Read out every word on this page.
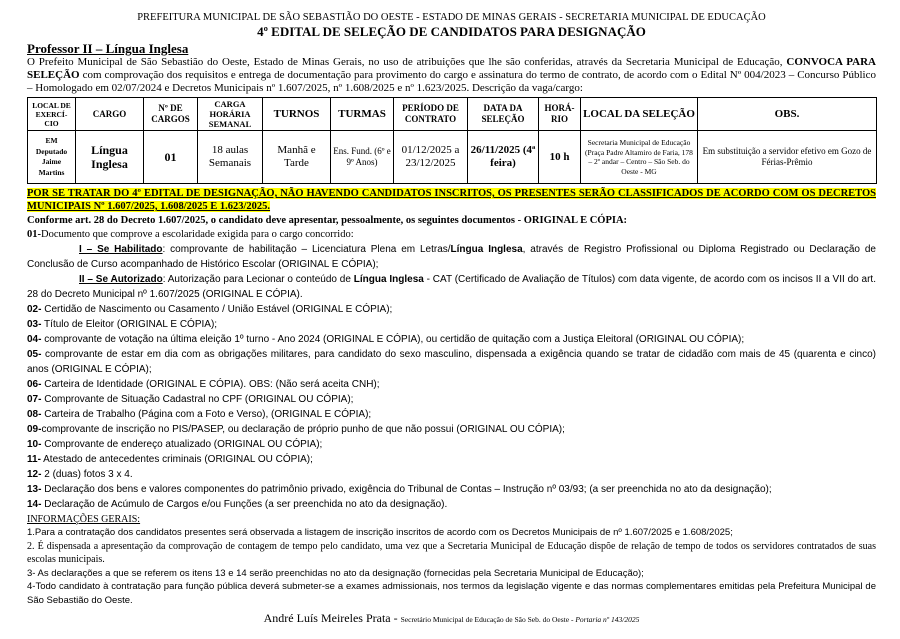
PREFEITURA MUNICIPAL DE SÃO SEBASTIÃO DO OESTE - ESTADO DE MINAS GERAIS - SECRETARIA MUNICIPAL DE EDUCAÇÃO
4º EDITAL DE SELEÇÃO DE CANDIDATOS PARA DESIGNAÇÃO
Professor II – Língua Inglesa
O Prefeito Municipal de São Sebastião do Oeste, Estado de Minas Gerais, no uso de atribuições que lhe são conferidas, através da Secretaria Municipal de Educação, CONVOCA PARA SELEÇÃO com comprovação dos requisitos e entrega de documentação para provimento do cargo e assinatura do termo de contrato, de acordo com o Edital Nº 004/2023 – Concurso Público – Homologado em 02/07/2024 e Decretos Municipais nº 1.607/2025, nº 1.608/2025 e nº 1.623/2025. Descrição da vaga/cargo:
LOCAL DE EXERCÍ-CIO	CARGO	Nº DE CARGOS	CARGA HORÁRIA SEMANAL	TURNOS	TURMAS	PERÍODO DE CONTRATO	DATA DA SELEÇÃO	HORÁ-RIO	LOCAL DA SELEÇÃO	OBS.
EM Deputado Jaime Martins	Língua Inglesa	01	18 aulas Semanais	Manhã e Tarde	Ens. Fund. (6º e 9º Anos)	01/12/2025 a 23/12/2025	26/11/2025 (4ª feira)	10 h	Secretaria Municipal de Educação (Praça Padre Altamiro de Faria, 178 – 2º andar – Centro – São Seb. do Oeste - MG	Em substituição a servidor efetivo em Gozo de Férias-Prêmio
POR SE TRATAR DO 4º EDITAL DE DESIGNAÇÃO, NÃO HAVENDO CANDIDATOS INSCRITOS, OS PRESENTES SERÃO CLASSIFICADOS DE ACORDO COM OS DECRETOS MUNICIPAIS Nº 1.607/2025, 1.608/2025 E 1.623/2025.
Conforme art. 28 do Decreto 1.607/2025, o candidato deve apresentar, pessoalmente, os seguintes documentos - ORIGINAL E CÓPIA:
01-Documento que comprove a escolaridade exigida para o cargo concorrido:
I – Se Habilitado: comprovante de habilitação – Licenciatura Plena em Letras/Língua Inglesa, através de Registro Profissional ou Diploma Registrado ou Declaração de Conclusão de Curso acompanhado de Histórico Escolar (ORIGINAL E CÓPIA);
II – Se Autorizado: Autorização para Lecionar o conteúdo de Língua Inglesa - CAT (Certificado de Avaliação de Títulos) com data vigente, de acordo com os incisos II a VII do art. 28 do Decreto Municipal nº 1.607/2025 (ORIGINAL E CÓPIA).
02- Certidão de Nascimento ou Casamento / União Estável (ORIGINAL E CÓPIA);
03- Título de Eleitor (ORIGINAL E CÓPIA);
04- comprovante de votação na última eleição 1º turno - Ano 2024 (ORIGINAL E CÓPIA), ou certidão de quitação com a Justiça Eleitoral (ORIGINAL OU CÓPIA);
05- comprovante de estar em dia com as obrigações militares, para candidato do sexo masculino, dispensada a exigência quando se tratar de cidadão com mais de 45 (quarenta e cinco) anos (ORIGINAL E CÓPIA);
06- Carteira de Identidade (ORIGINAL E CÓPIA). OBS: (Não será aceita CNH);
07- Comprovante de Situação Cadastral no CPF (ORIGINAL OU CÓPIA);
08- Carteira de Trabalho (Página com a Foto e Verso), (ORIGINAL E CÓPIA);
09-comprovante de inscrição no PIS/PASEP, ou declaração de próprio punho de que não possui (ORIGINAL OU CÓPIA);
10- Comprovante de endereço atualizado (ORIGINAL OU CÓPIA);
11- Atestado de antecedentes criminais (ORIGINAL OU CÓPIA);
12- 2 (duas) fotos 3 x 4.
13- Declaração dos bens e valores componentes do patrimônio privado, exigência do Tribunal de Contas – Instrução nº 03/93; (a ser preenchida no ato da designação);
14- Declaração de Acúmulo de Cargos e/ou Funções (a ser preenchida no ato da designação).
INFORMAÇÕES GERAIS:
1.Para a contratação dos candidatos presentes será observada a listagem de inscrição inscritos de acordo com os Decretos Municipais de nº 1.607/2025 e 1.608/2025;
2. É dispensada a apresentação da comprovação de contagem de tempo pelo candidato, uma vez que a Secretaria Municipal de Educação dispõe de relação de tempo de todos os servidores contratados de suas escolas municipais.
3- As declarações a que se referem os itens 13 e 14 serão preenchidas no ato da designação (fornecidas pela Secretaria Municipal de Educação);
4-Todo candidato à contratação para função pública deverá submeter-se a exames admissionais, nos termos da legislação vigente e das normas complementares emitidas pela Prefeitura Municipal de São Sebastião do Oeste.
André Luís Meireles Prata - Secretário Municipal de Educação de São Seb. do Oeste - Portaria nº 143/2025
